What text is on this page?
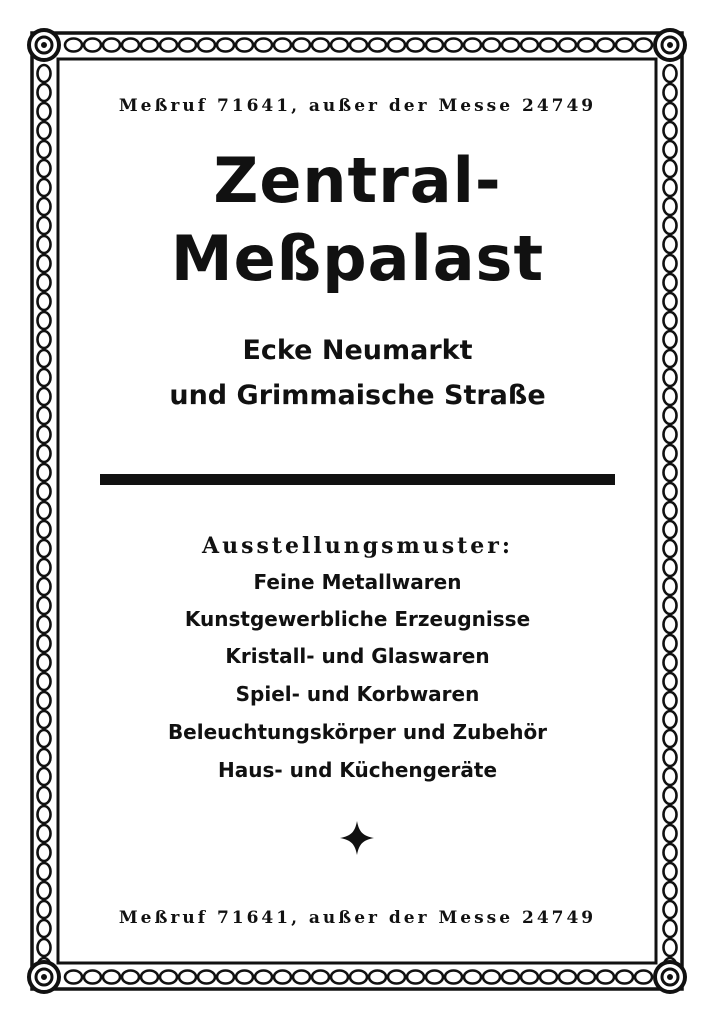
Meßruf 71641, außer der Messe 24749
Zentral-
Meßpalast
Ecke Neumarkt
und Grimmaische Straße
Ausstellungsmuster:
Feine Metallwaren
Kunstgewerbliche Erzeugnisse
Kristall- und Glaswaren
Spiel- und Korbwaren
Beleuchtungskörper und Zubehör
Haus- und Küchengeräte
Meßruf 71641, außer der Messe 24749
